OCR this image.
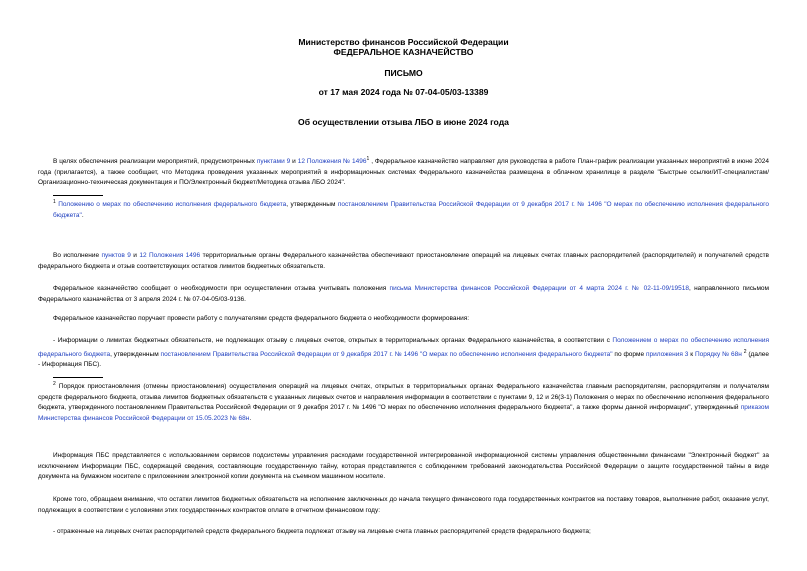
Министерство финансов Российской Федерации
ФЕДЕРАЛЬНОЕ КАЗНАЧЕЙСТВО
ПИСЬМО
от 17 мая 2024 года № 07-04-05/03-13389
Об осуществлении отзыва ЛБО в июне 2024 года
В целях обеспечения реализации мероприятий, предусмотренных пунктами 9 и 12 Положения № 1496$^1$ , Федеральное казначейство направляет для руководства в работе План-график реализации указанных мероприятий в июне 2024 года (прилагается), а также сообщает, что Методика проведения указанных мероприятий в информационных системах Федерального казначейства размещена в облачном хранилище в разделе "Быстрые ссылки/ИТ-специалистам/Организационно-техническая документация и ПО/Электронный бюджет/Методика отзыва ЛБО 2024".
$^1$ Положению о мерах по обеспечению исполнения федерального бюджета, утвержденным постановлением Правительства Российской Федерации от 9 декабря 2017 г. № 1496 "О мерах по обеспечению исполнения федерального бюджета".
Во исполнение пунктов 9 и 12 Положения 1496 территориальные органы Федерального казначейства обеспечивают приостановление операций на лицевых счетах главных распорядителей (распорядителей) и получателей средств федерального бюджета и отзыв соответствующих остатков лимитов бюджетных обязательств.
Федеральное казначейство сообщает о необходимости при осуществлении отзыва учитывать положения письма Министерства финансов Российской Федерации от 4 марта 2024 г. № 02-11-09/19518, направленного письмом Федерального казначейства от 3 апреля 2024 г. № 07-04-05/03-9136.
Федеральное казначейство поручает провести работу с получателями средств федерального бюджета о необходимости формирования:
- Информации о лимитах бюджетных обязательств, не подлежащих отзыву с лицевых счетов, открытых в территориальных органах Федерального казначейства, в соответствии с Положением о мерах по обеспечению исполнения федерального бюджета, утвержденным постановлением Правительства Российской Федерации от 9 декабря 2017 г. № 1496 "О мерах по обеспечению исполнения федерального бюджета" по форме приложения 3 к Порядку № 68н $^2$ (далее - Информация ПБС).
$^2$ Порядок приостановления (отмены приостановления) осуществления операций на лицевых счетах, открытых в территориальных органах Федерального казначейства главным распорядителям, распорядителям и получателям средств федерального бюджета, отзыва лимитов бюджетных обязательств с указанных лицевых счетов и направления информации в соответствии с пунктами 9, 12 и 26(3-1) Положения о мерах по обеспечению исполнения федерального бюджета, утвержденного постановлением Правительства Российской Федерации от 9 декабря 2017 г. № 1496 "О мерах по обеспечению исполнения федерального бюджета", а также формы данной информации", утвержденный приказом Министерства финансов Российской Федерации от 15.05.2023 № 68н.
Информация ПБС представляется с использованием сервисов подсистемы управления расходами государственной интегрированной информационной системы управления общественными финансами "Электронный бюджет" за исключением Информации ПБС, содержащей сведения, составляющие государственную тайну, которая представляется с соблюдением требований законодательства Российской Федерации о защите государственной тайны в виде документа на бумажном носителе с приложением электронной копии документа на съемном машинном носителе.
Кроме того, обращаем внимание, что остатки лимитов бюджетных обязательств на исполнение заключенных до начала текущего финансового года государственных контрактов на поставку товаров, выполнение работ, оказание услуг, подлежащих в соответствии с условиями этих государственных контрактов оплате в отчетном финансовом году:
- отраженные на лицевых счетах распорядителей средств федерального бюджета подлежат отзыву на лицевые счета главных распорядителей средств федерального бюджета;
